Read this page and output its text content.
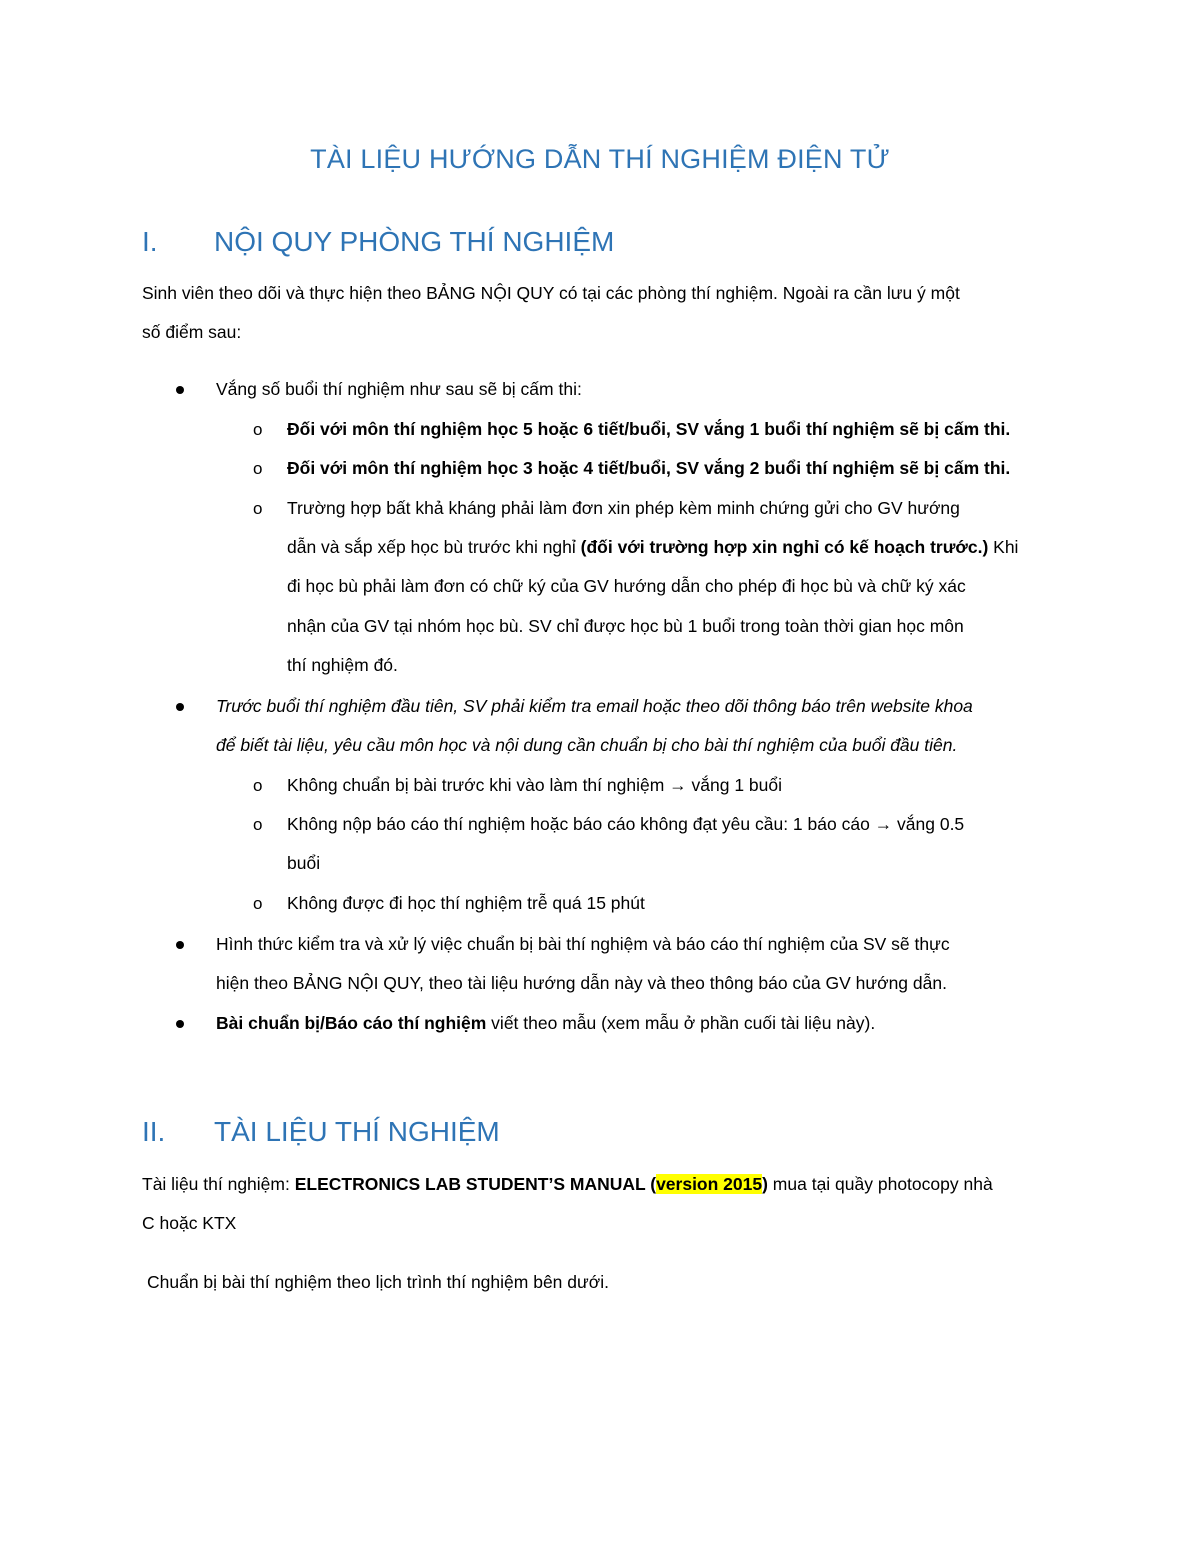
TÀI LIỆU HƯỚNG DẪN THÍ NGHIỆM ĐIỆN TỬ
I. NỘI QUY PHÒNG THÍ NGHIỆM
Sinh viên theo dõi và thực hiện theo BẢNG NỘI QUY có tại các phòng thí nghiệm. Ngoài ra cần lưu ý một
số điểm sau:
Vắng số buổi thí nghiệm như sau sẽ bị cấm thi:
o Đối với môn thí nghiệm học 5 hoặc 6 tiết/buổi, SV vắng 1 buổi thí nghiệm sẽ bị cấm thi.
o Đối với môn thí nghiệm học 3 hoặc 4 tiết/buổi, SV vắng 2 buổi thí nghiệm sẽ bị cấm thi.
o Trường hợp bất khả kháng phải làm đơn xin phép kèm minh chứng gửi cho GV hướng
dẫn và sắp xếp học bù trước khi nghỉ (đối với trường hợp xin nghỉ có kế hoạch trước.) Khi
đi học bù phải làm đơn có chữ ký của GV hướng dẫn cho phép đi học bù và chữ ký xác
nhận của GV tại nhóm học bù. SV chỉ được học bù 1 buổi trong toàn thời gian học môn
thí nghiệm đó.
Trước buổi thí nghiệm đầu tiên, SV phải kiểm tra email hoặc theo dõi thông báo trên website khoa
để biết tài liệu, yêu cầu môn học và nội dung cần chuẩn bị cho bài thí nghiệm của buổi đầu tiên.
o Không chuẩn bị bài trước khi vào làm thí nghiệm → vắng 1 buổi
o Không nộp báo cáo thí nghiệm hoặc báo cáo không đạt yêu cầu: 1 báo cáo → vắng 0.5
buổi
o Không được đi học thí nghiệm trễ quá 15 phút
Hình thức kiểm tra và xử lý việc chuẩn bị bài thí nghiệm và báo cáo thí nghiệm của SV sẽ thực
hiện theo BẢNG NỘI QUY, theo tài liệu hướng dẫn này và theo thông báo của GV hướng dẫn.
Bài chuẩn bị/Báo cáo thí nghiệm viết theo mẫu (xem mẫu ở phần cuối tài liệu này).
II. TÀI LIỆU THÍ NGHIỆM
Tài liệu thí nghiệm: ELECTRONICS LAB STUDENT’S MANUAL (version 2015) mua tại quầy photocopy nhà
C hoặc KTX
Chuẩn bị bài thí nghiệm theo lịch trình thí nghiệm bên dưới.
